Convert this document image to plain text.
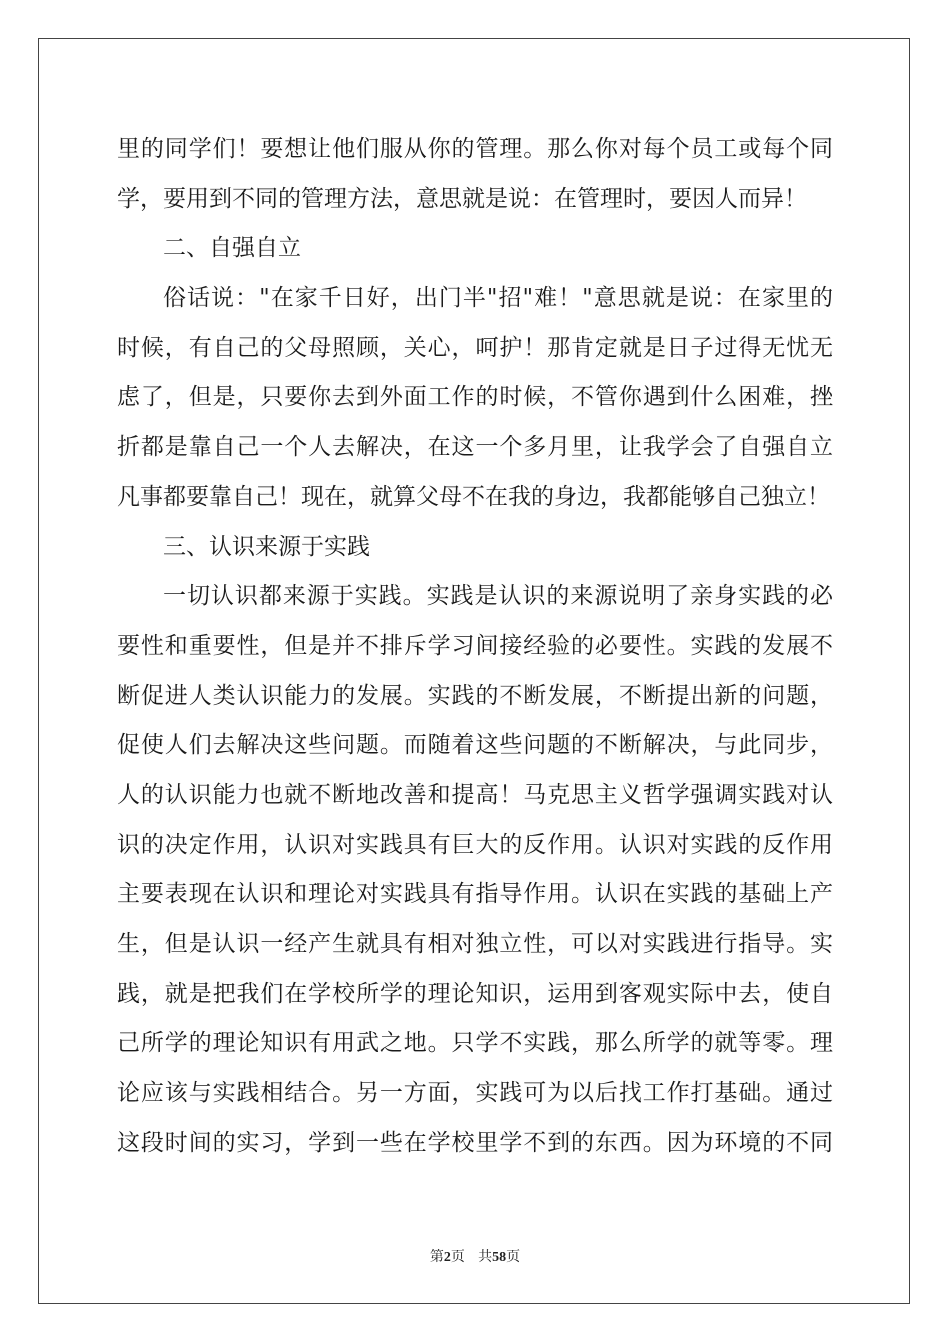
里的同学们！要想让他们服从你的管理。那么你对每个员工或每个同
学，要用到不同的管理方法，意思就是说：在管理时，要因人而异！
二、自强自立
俗话说："在家千日好，出门半"招"难！"意思就是说：在家里的
时候，有自己的父母照顾，关心，呵护！那肯定就是日子过得无忧无
虑了，但是，只要你去到外面工作的时候，不管你遇到什么困难，挫
折都是靠自己一个人去解决，在这一个多月里，让我学会了自强自立
凡事都要靠自己！现在，就算父母不在我的身边，我都能够自己独立！
三、认识来源于实践
一切认识都来源于实践。实践是认识的来源说明了亲身实践的必
要性和重要性，但是并不排斥学习间接经验的必要性。实践的发展不
断促进人类认识能力的发展。实践的不断发展，不断提出新的问题，
促使人们去解决这些问题。而随着这些问题的不断解决，与此同步，
人的认识能力也就不断地改善和提高！马克思主义哲学强调实践对认
识的决定作用，认识对实践具有巨大的反作用。认识对实践的反作用
主要表现在认识和理论对实践具有指导作用。认识在实践的基础上产
生，但是认识一经产生就具有相对独立性，可以对实践进行指导。实
践，就是把我们在学校所学的理论知识，运用到客观实际中去，使自
己所学的理论知识有用武之地。只学不实践，那么所学的就等零。理
论应该与实践相结合。另一方面，实践可为以后找工作打基础。通过
这段时间的实习，学到一些在学校里学不到的东西。因为环境的不同
第2页 共58页
